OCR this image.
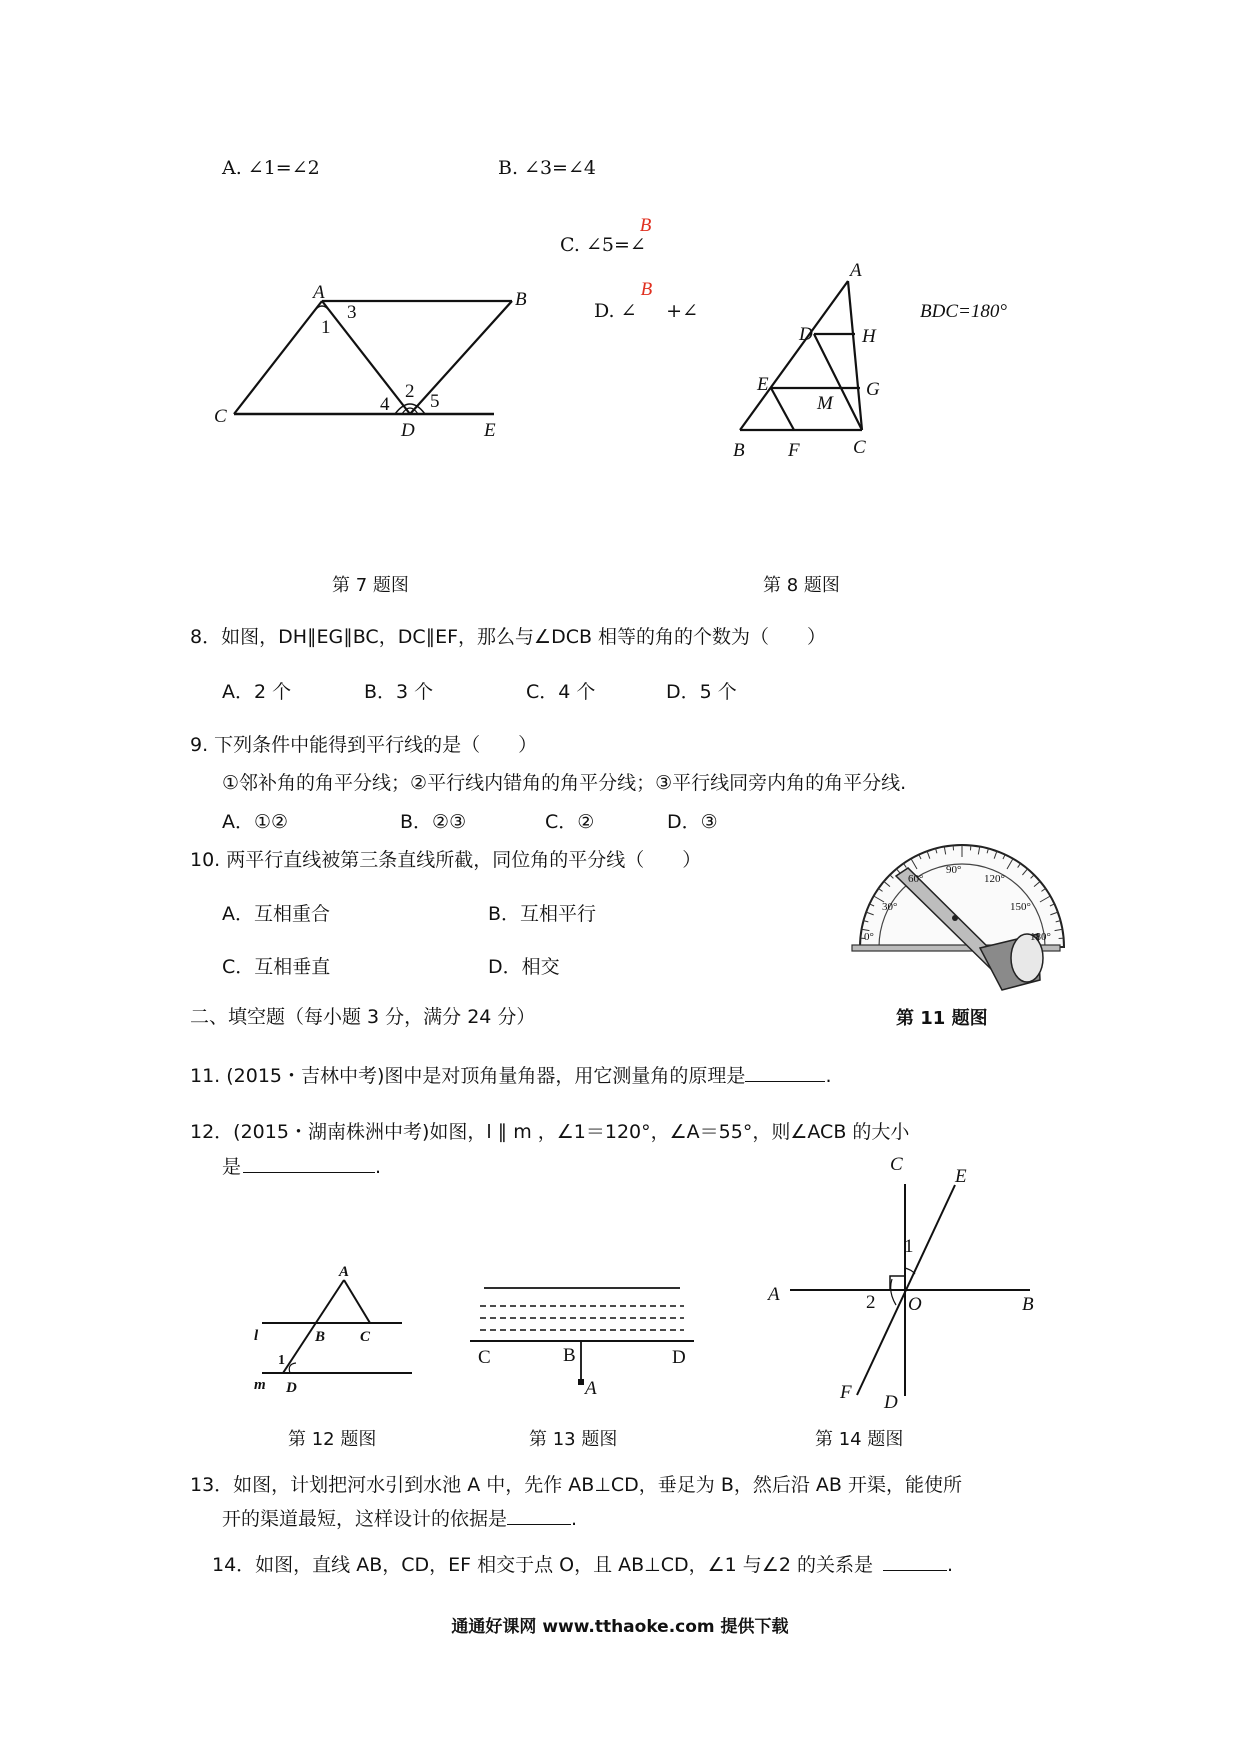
A. ∠1=∠2	B. ∠3=∠4
C. ∠5=∠B
D. ∠B+∠	BDC=180°
A	B
C
D	E
1
3
2
4 5
A
D	H
E	G
M
B F	C
第 7 题图	第 8 题图
8．如图，DH∥EG∥BC，DC∥EF，那么与∠DCB 相等的角的个数为（　　）
A．2 个	B．3 个	C．4 个	D．5 个
9. 下列条件中能得到平行线的是（　　）
①邻补角的角平分线；②平行线内错角的角平分线；③平行线同旁内角的角平分线.
A．①②	B．②③	C．②	D．③
10. 两平行直线被第三条直线所截，同位角的平分线（　　）
A．互相重合	B．互相平行
C．互相垂直	D．相交
90°
60°	120°
30°	150°
0°	180°
第 11 题图
二、填空题（每小题 3 分，满分 24 分）
11. (2015・吉林中考)图中是对顶角量角器，用它测量角的原理是	.
12．(2015・湖南株洲中考)如图，l ∥ m ，∠1＝120°，∠A＝55°，则∠ACB 的大小
是	.
A
B C
D
l
m
1	C	B	D
A
C
E
A	B
O
1
2
F D
第 12 题图	第 13 题图	第 14 题图
13．如图，计划把河水引到水池 A 中，先作 AB⊥CD，垂足为 B，然后沿 AB 开渠，能使所
开的渠道最短，这样设计的依据是	.
14．如图，直线 AB，CD，EF 相交于点 O，且 AB⊥CD，∠1 与∠2 的关系是	.
通通好课网 www.tthaoke.com 提供下载
